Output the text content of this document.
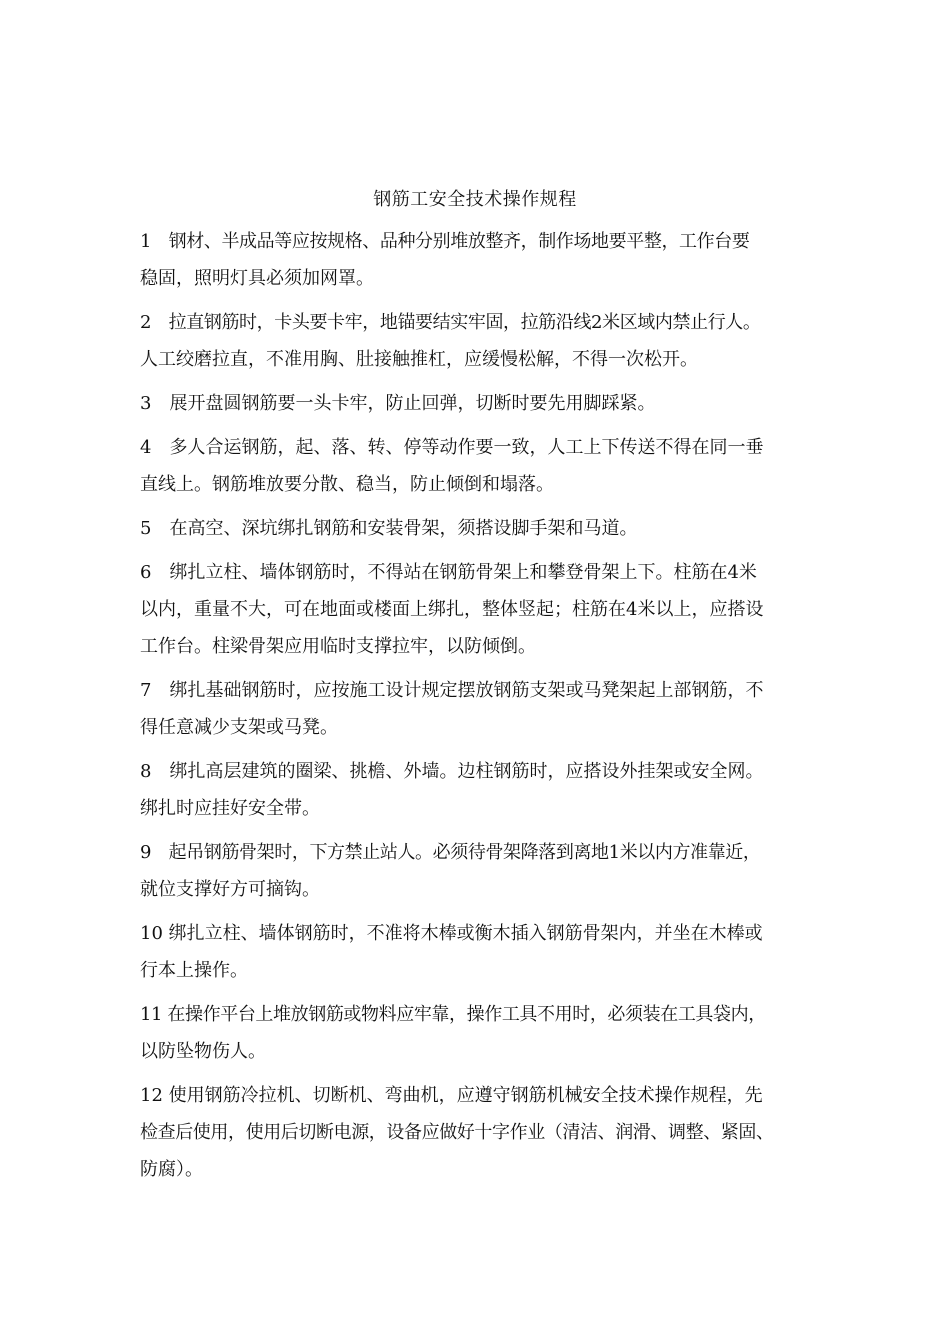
钢筋工安全技术操作规程
1　钢材、半成品等应按规格、品种分别堆放整齐，制作场地要平整，工作台要
稳固，照明灯具必须加网罩。
2　拉直钢筋时，卡头要卡牢，地锚要结实牢固，拉筋沿线2米区域内禁止行人。
人工绞磨拉直，不准用胸、肚接触推杠，应缓慢松解，不得一次松开。
3　展开盘圆钢筋要一头卡牢，防止回弹，切断时要先用脚踩紧。
4　多人合运钢筋，起、落、转、停等动作要一致，人工上下传送不得在同一垂
直线上。钢筋堆放要分散、稳当，防止倾倒和塌落。
5　在高空、深坑绑扎钢筋和安装骨架，须搭设脚手架和马道。
6　绑扎立柱、墙体钢筋时，不得站在钢筋骨架上和攀登骨架上下。柱筋在4米
以内，重量不大，可在地面或楼面上绑扎，整体竖起；柱筋在4米以上，应搭设
工作台。柱梁骨架应用临时支撑拉牢，以防倾倒。
7　绑扎基础钢筋时，应按施工设计规定摆放钢筋支架或马凳架起上部钢筋，不
得任意减少支架或马凳。
8　绑扎高层建筑的圈梁、挑檐、外墙。边柱钢筋时，应搭设外挂架或安全网。
绑扎时应挂好安全带。
9　起吊钢筋骨架时，下方禁止站人。必须待骨架降落到离地1米以内方准靠近，
就位支撑好方可摘钩。
10 绑扎立柱、墙体钢筋时，不准将木棒或衡木插入钢筋骨架内，并坐在木棒或
行本上操作。
11 在操作平台上堆放钢筋或物料应牢靠，操作工具不用时，必须装在工具袋内，
以防坠物伤人。
12 使用钢筋冷拉机、切断机、弯曲机，应遵守钢筋机械安全技术操作规程，先
检查后使用，使用后切断电源，设备应做好十字作业（清洁、润滑、调整、紧固、
防腐）。
